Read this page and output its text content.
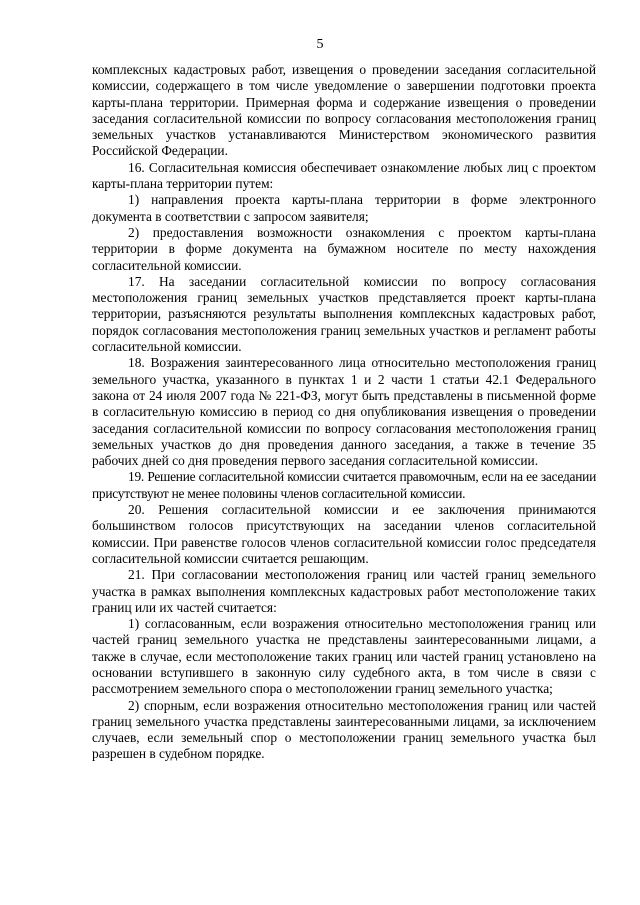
5

комплексных кадастровых работ, извещения о проведении заседания согласительной комиссии, содержащего в том числе уведомление о завершении подготовки проекта карты-плана территории. Примерная форма и содержание извещения о проведении заседания согласительной комиссии по вопросу согласования местоположения границ земельных участков устанавливаются Министерством экономического развития Российской Федерации.

16. Согласительная комиссия обеспечивает ознакомление любых лиц с проектом карты-плана территории путем:

1) направления проекта карты-плана территории в форме электронного документа в соответствии с запросом заявителя;

2) предоставления возможности ознакомления с проектом карты-плана территории в форме документа на бумажном носителе по месту нахождения согласительной комиссии.

17. На заседании согласительной комиссии по вопросу согласования местоположения границ земельных участков представляется проект карты-плана территории, разъясняются результаты выполнения комплексных кадастровых работ, порядок согласования местоположения границ земельных участков и регламент работы согласительной комиссии.

18. Возражения заинтересованного лица относительно местоположения границ земельного участка, указанного в пунктах 1 и 2 части 1 статьи 42.1 Федерального закона от 24 июля 2007 года № 221-ФЗ, могут быть представлены в письменной форме в согласительную комиссию в период со дня опубликования извещения о проведении заседания согласительной комиссии по вопросу согласования местоположения границ земельных участков до дня проведения данного заседания, а также в течение 35 рабочих дней со дня проведения первого заседания согласительной комиссии.

19. Решение согласительной комиссии считается правомочным, если на ее заседании присутствуют не менее половины членов согласительной комиссии.

20. Решения согласительной комиссии и ее заключения принимаются большинством голосов присутствующих на заседании членов согласительной комиссии. При равенстве голосов членов согласительной комиссии голос председателя согласительной комиссии считается решающим.

21. При согласовании местоположения границ или частей границ земельного участка в рамках выполнения комплексных кадастровых работ местоположение таких границ или их частей считается:

1) согласованным, если возражения относительно местоположения границ или частей границ земельного участка не представлены заинтересованными лицами, а также в случае, если местоположение таких границ или частей границ установлено на основании вступившего в законную силу судебного акта, в том числе в связи с рассмотрением земельного спора о местоположении границ земельного участка;

2) спорным, если возражения относительно местоположения границ или частей границ земельного участка представлены заинтересованными лицами, за исключением случаев, если земельный спор о местоположении границ земельного участка был разрешен в судебном порядке.
